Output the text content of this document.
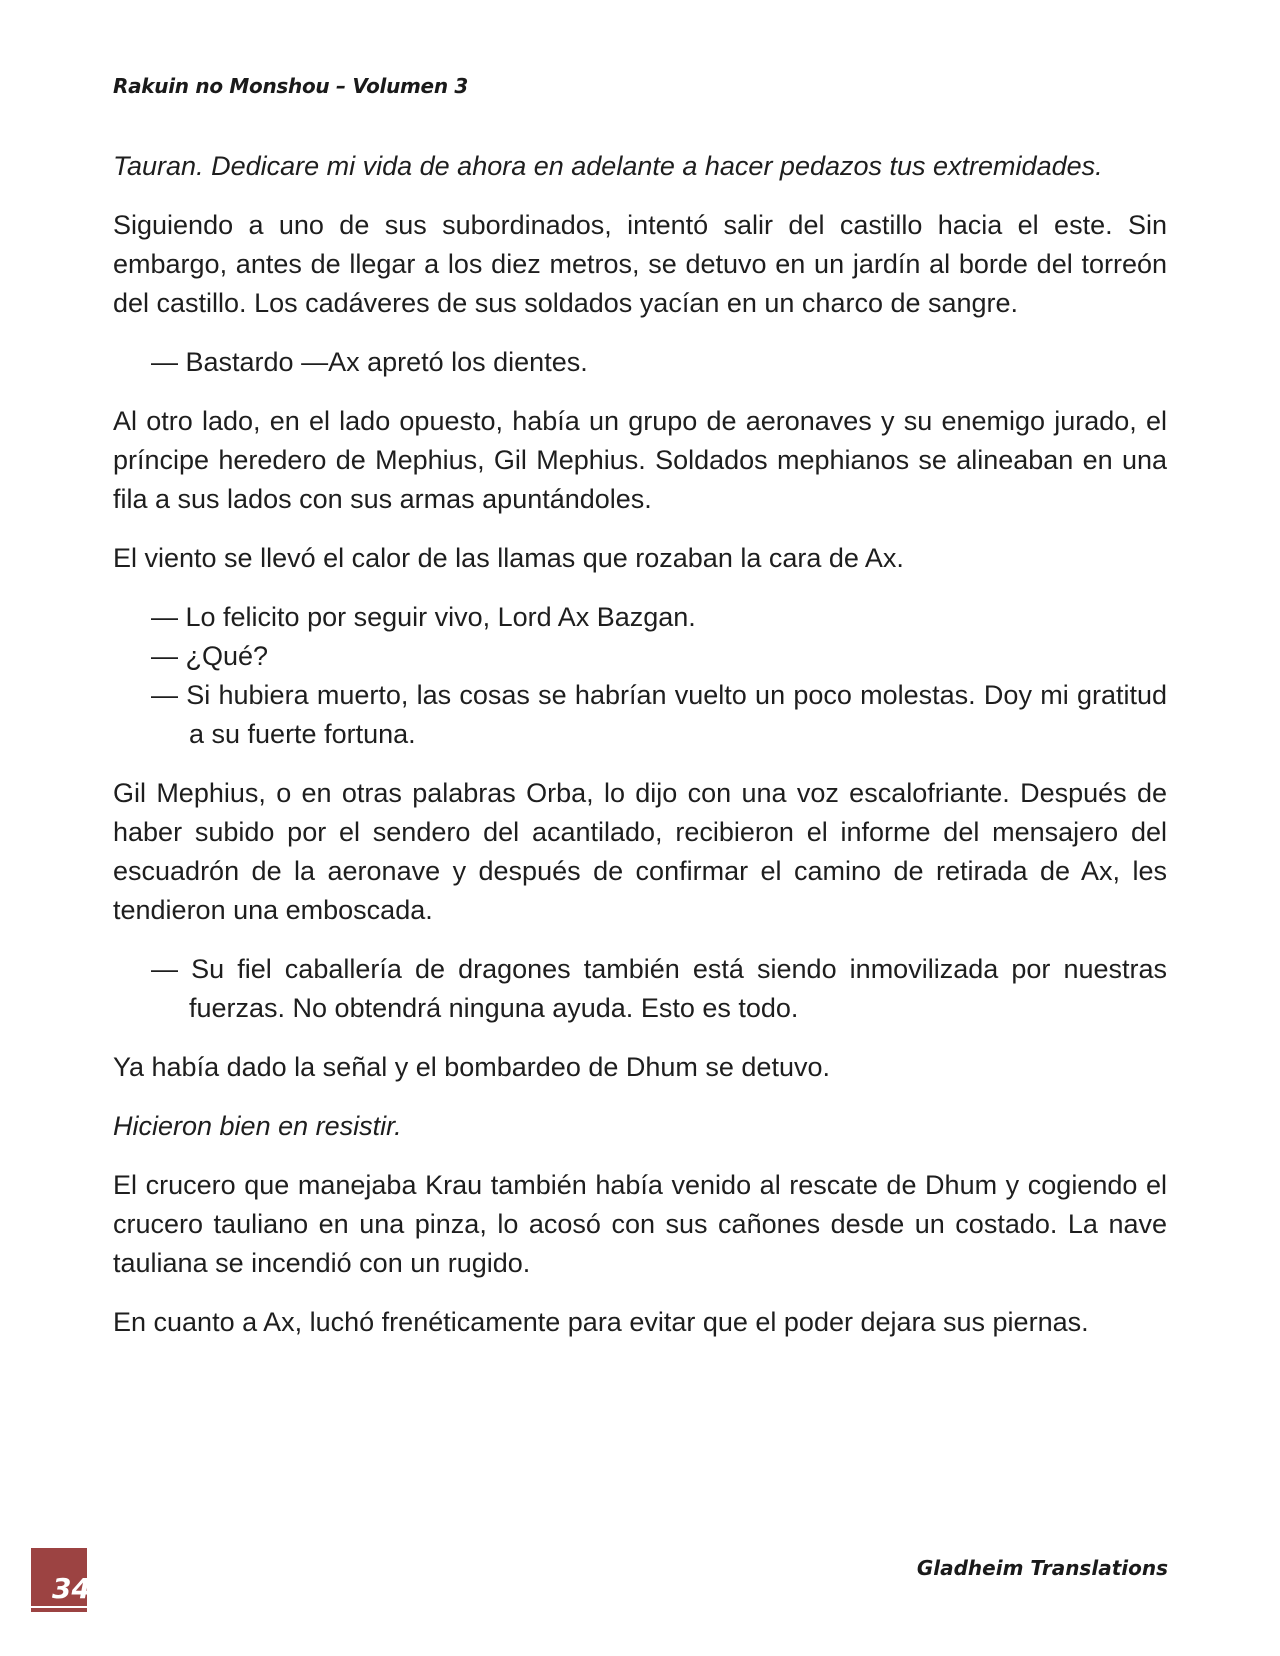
Rakuin no Monshou – Volumen 3

Tauran. Dedicare mi vida de ahora en adelante a hacer pedazos tus extremidades.

Siguiendo a uno de sus subordinados, intentó salir del castillo hacia el este. Sin embargo, antes de llegar a los diez metros, se detuvo en un jardín al borde del torreón del castillo. Los cadáveres de sus soldados yacían en un charco de sangre.

— Bastardo —Ax apretó los dientes.

Al otro lado, en el lado opuesto, había un grupo de aeronaves y su enemigo jurado, el príncipe heredero de Mephius, Gil Mephius. Soldados mephianos se alineaban en una fila a sus lados con sus armas apuntándoles.

El viento se llevó el calor de las llamas que rozaban la cara de Ax.

— Lo felicito por seguir vivo, Lord Ax Bazgan.

— ¿Qué?

— Si hubiera muerto, las cosas se habrían vuelto un poco molestas. Doy mi gratitud a su fuerte fortuna.

Gil Mephius, o en otras palabras Orba, lo dijo con una voz escalofriante. Después de haber subido por el sendero del acantilado, recibieron el informe del mensajero del escuadrón de la aeronave y después de confirmar el camino de retirada de Ax, les tendieron una emboscada.

— Su fiel caballería de dragones también está siendo inmovilizada por nuestras fuerzas. No obtendrá ninguna ayuda. Esto es todo.

Ya había dado la señal y el bombardeo de Dhum se detuvo.

Hicieron bien en resistir.

El crucero que manejaba Krau también había venido al rescate de Dhum y cogiendo el crucero tauliano en una pinza, lo acosó con sus cañones desde un costado. La nave tauliana se incendió con un rugido.

En cuanto a Ax, luchó frenéticamente para evitar que el poder dejara sus piernas.

34
Gladheim Translations
